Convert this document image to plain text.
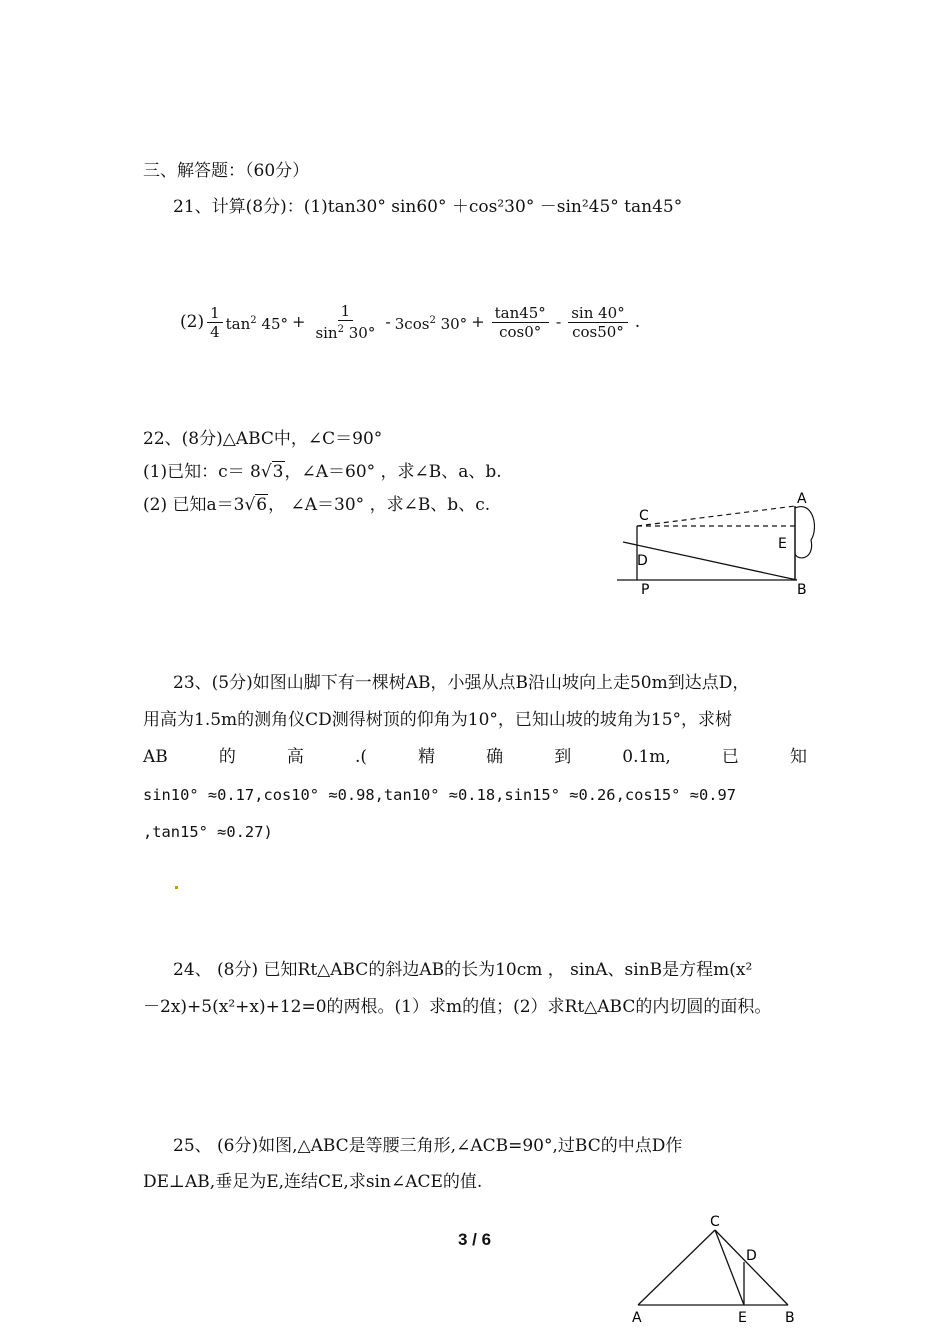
三、解答题：（60分）
21、计算(8分)：(1)tan30° sin60° ＋cos²30° －sin²45° tan45°
$(2) \frac{1}{4} \tan^2 45^\circ + \frac{1}{\sin^2 30^\circ} - 3\cos^2$ $30^\circ + \frac{\tan 45^\circ}{\cos 0^\circ} - \frac{\sin 40^\circ}{\cos 50^\circ}$ .
22、(8分)△ABC中，∠C＝90°
(1)已知：c＝ 8√3，∠A＝60° ，求∠B、a、b.
(2) 已知a＝3√6， ∠A＝30° ，求∠B、b、c.	A
C
D
E
P	B
23、(5分)如图山脚下有一棵树AB，小强从点B沿山坡向上走50m到达点D，
用高为1.5m的测角仪CD测得树顶的仰角为10°，已知山坡的坡角为15°，求树
AB	的	高	.(	精	确	到	0.1m,	已	知
sin10° ≈0.17,cos10° ≈0.98,tan10° ≈0.18,sin15° ≈0.26,cos15° ≈0.97
,tan15° ≈0.27)
24、 (8分) 已知Rt△ABC的斜边AB的长为10cm ， sinA、sinB是方程m(x²
－2x)+5(x²+x)+12=0的两根。(1）求m的值；(2）求Rt△ABC的内切圆的面积。
25、 (6分)如图,△ABC是等腰三角形,∠ACB=90°,过BC的中点D作
DE⊥AB,垂足为E,连结CE,求sin∠ACE的值.
3 / 6
C
D
A	E	B
